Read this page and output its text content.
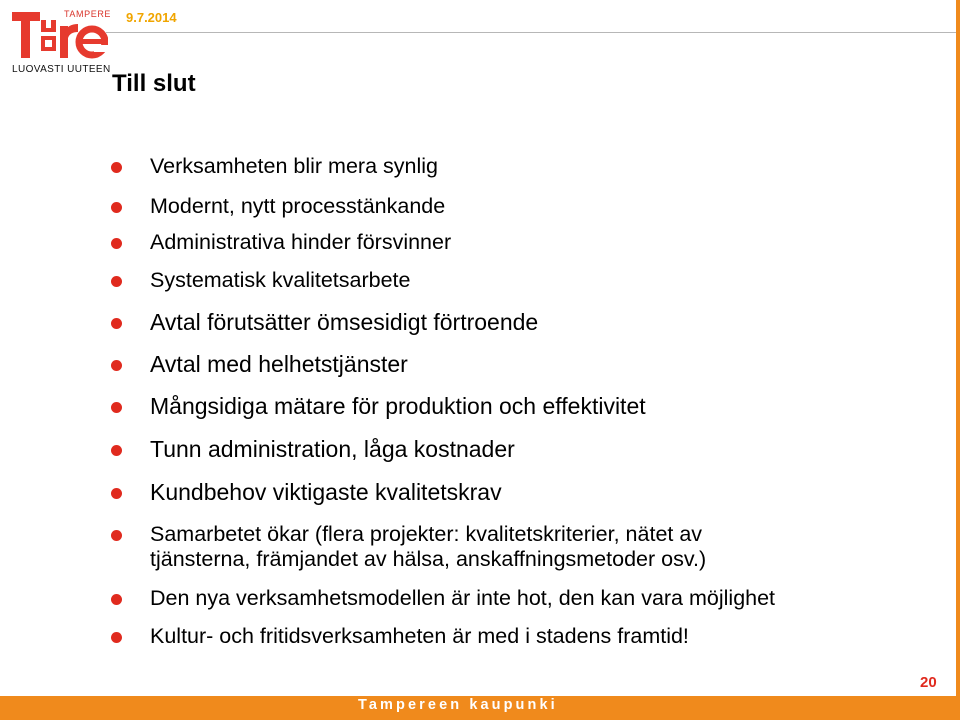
TAMPERE
LUOVASTI UUTEEN
9.7.2014
Till slut
Verksamheten blir mera synlig
Modernt, nytt processtänkande
Administrativa hinder försvinner
Systematisk kvalitetsarbete
Avtal förutsätter ömsesidigt förtroende
Avtal med helhetstjänster
Mångsidiga mätare för produktion och effektivitet
Tunn administration, låga kostnader
Kundbehov viktigaste kvalitetskrav
Samarbetet ökar (flera projekter: kvalitetskriterier, nätet av
tjänsterna, främjandet av hälsa, anskaffningsmetoder osv.)
Den nya verksamhetsmodellen är inte hot, den kan vara möjlighet
Kultur- och fritidsverksamheten är med i stadens framtid!
20
Tampereen kaupunki
